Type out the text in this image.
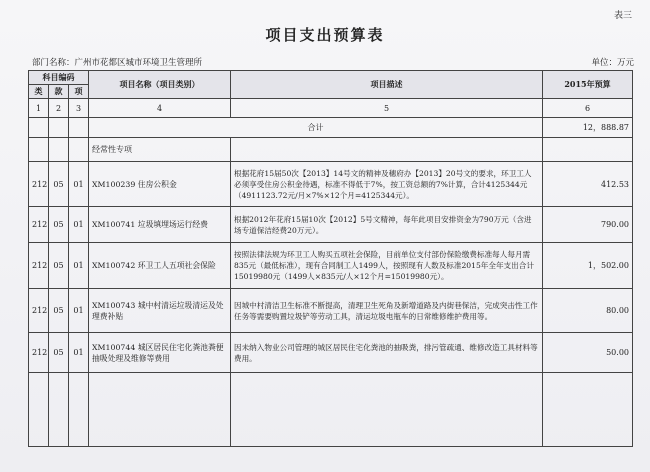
表三
项目支出预算表
部门名称：广州市花都区城市环境卫生管理所	单位：万元
科目编码			项目名称（项目类别）	项目描述	2015年预算
类	款	项			
1	2	3	4	5	6
			合计		12，888.87
			经常性专项		
212	05	01	XM100239 住房公积金	根据花府15届50次【2013】14号文的精神及穗府办【2013】20号文的要求，环卫工人必须享受住房公积金待遇，标准不得低于7%，按工资总额的7%计算，合计4125344元（4911123.72元/月×7%×12个月=4125344元）。	412.53
212	05	01	XM100741 垃圾填埋场运行经费	根据2012年花府15届10次【2012】5号文精神，每年此项目安排资金为790万元（含进场专道保洁经费20万元）。	790.00
212	05	01	XM100742 环卫工人五项社会保险	按照法律法规为环卫工人购买五项社会保险，目前单位支付部份保险缴费标准每人每月需835元（最低标准），现有合同制工人1499人，按照现有人数及标准2015年全年支出合计15019980元（1499人×835元/人×12个月=15019980元）。	1，502.00
212	05	01	XM100743 城中村清运垃圾清运及处理费补贴	因城中村清洁卫生标准不断提高，清理卫生死角及新增道路及内街巷保洁，完成突击性工作任务等需要购置垃圾铲等劳动工具，清运垃圾电瓶车的日常维修维护费用等。	80.00
212	05	01	XM100744 城区居民住宅化粪池粪便抽吸处理及维修等费用	因未纳入物业公司管理的城区居民住宅化粪池的抽吸粪，排污管疏通、维修改造工具材料等费用。	50.00
